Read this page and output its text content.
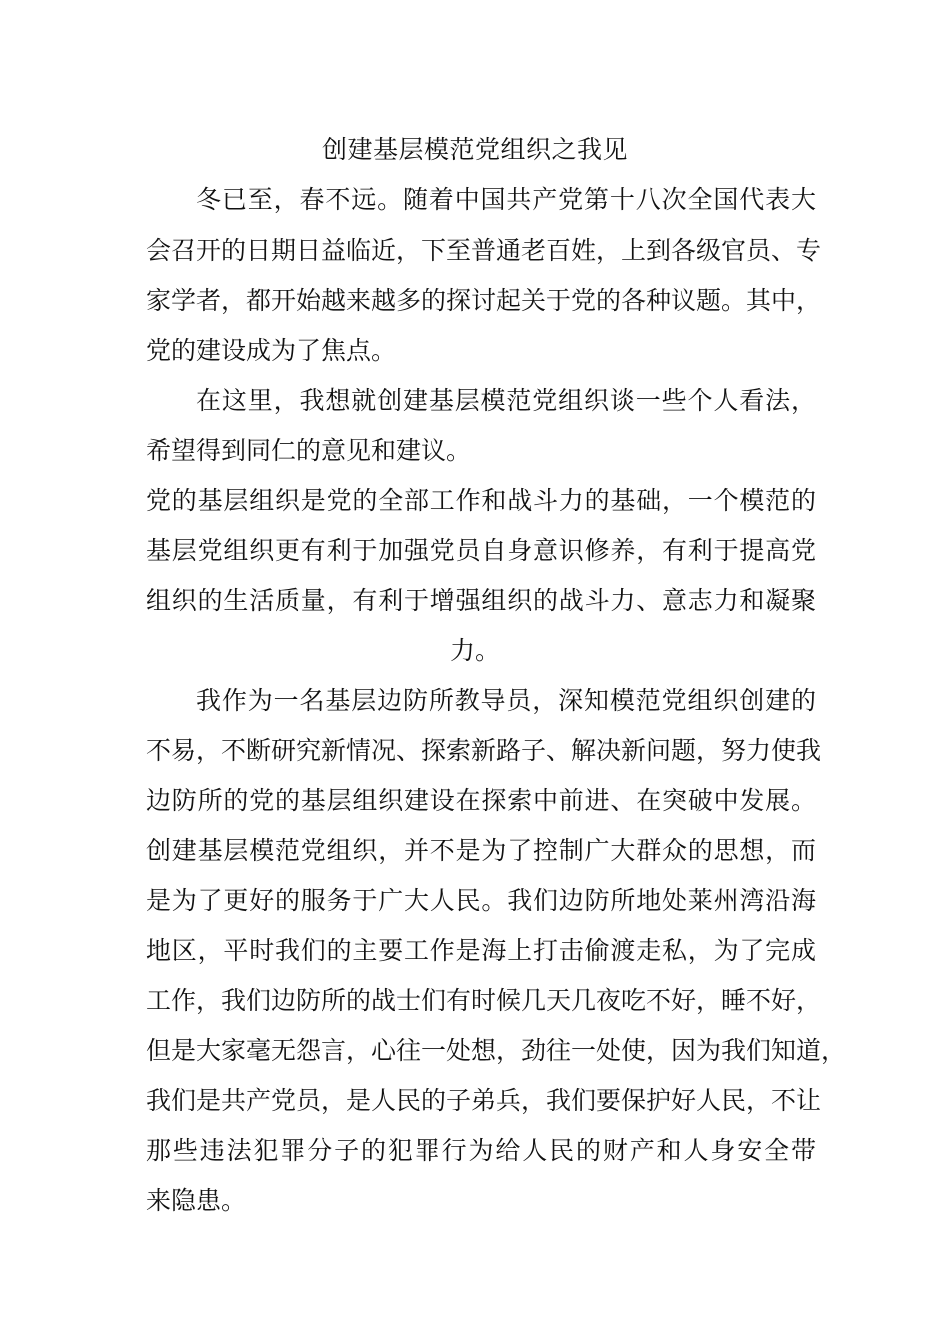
创建基层模范党组织之我见
冬已至，春不远。随着中国共产党第十八次全国代表大
会召开的日期日益临近，下至普通老百姓，上到各级官员、专
家学者，都开始越来越多的探讨起关于党的各种议题。其中，
党的建设成为了焦点。
在这里，我想就创建基层模范党组织谈一些个人看法，
希望得到同仁的意见和建议。
党的基层组织是党的全部工作和战斗力的基础，一个模范的
基层党组织更有利于加强党员自身意识修养，有利于提高党
组织的生活质量，有利于增强组织的战斗力、意志力和凝聚
力。
我作为一名基层边防所教导员，深知模范党组织创建的
不易，不断研究新情况、探索新路子、解决新问题，努力使我
边防所的党的基层组织建设在探索中前进、在突破中发展。
创建基层模范党组织，并不是为了控制广大群众的思想，而
是为了更好的服务于广大人民。我们边防所地处莱州湾沿海
地区，平时我们的主要工作是海上打击偷渡走私，为了完成
工作，我们边防所的战士们有时候几天几夜吃不好，睡不好，
但是大家毫无怨言，心往一处想，劲往一处使，因为我们知道，
我们是共产党员，是人民的子弟兵，我们要保护好人民，不让
那些违法犯罪分子的犯罪行为给人民的财产和人身安全带
来隐患。
